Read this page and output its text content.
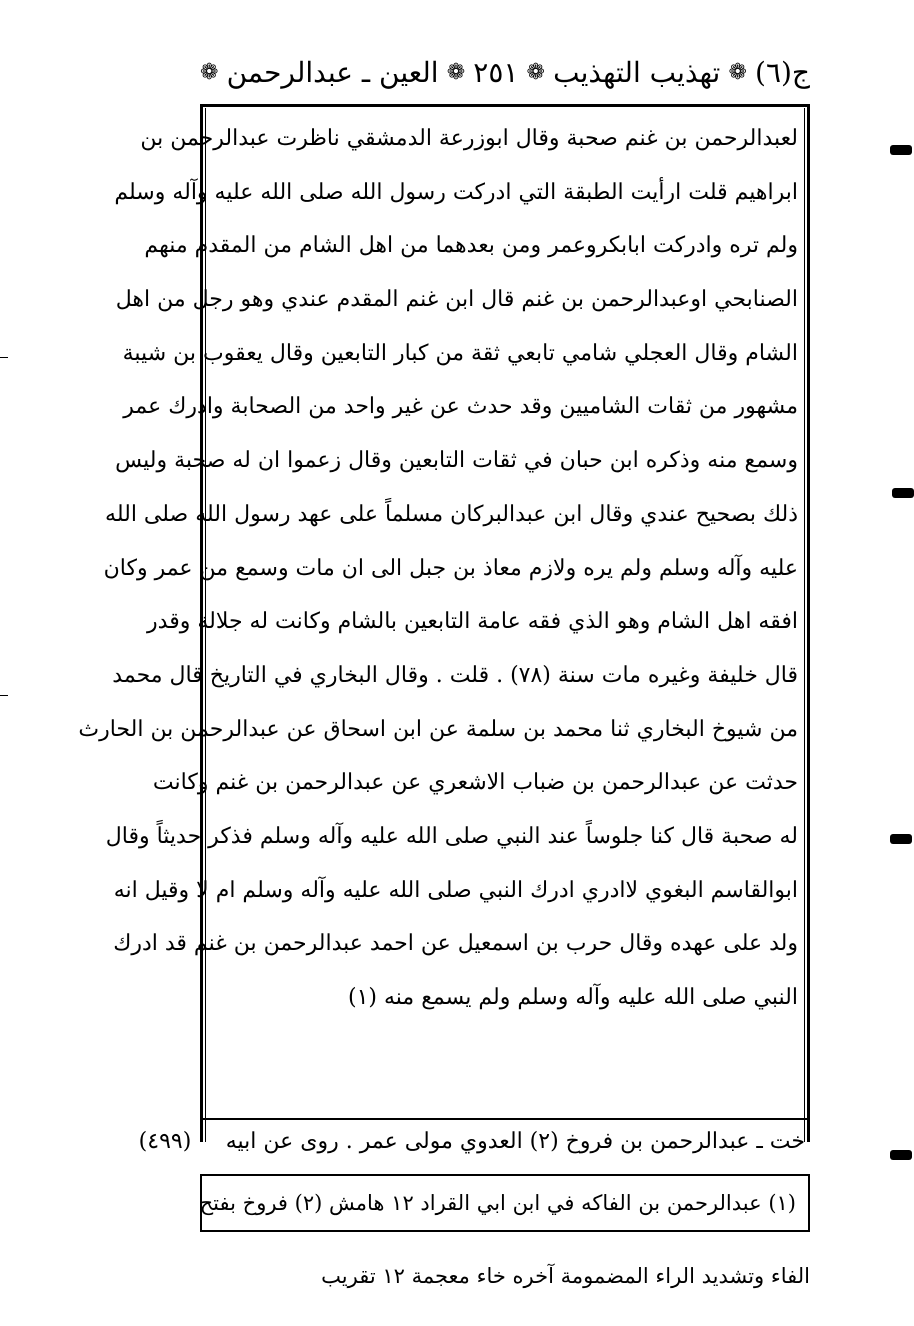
ج(٦)
❁
تهذيب التهذيب
❁
٢٥١
❁
العين ـ عبدالرحمن
❁
لعبدالرحمن بن غنم صحبة وقال ابوزرعة الدمشقي ناظرت عبدالرحمن بن
ابراهيم قلت ارأيت الطبقة التي ادركت رسول الله صلى الله عليه وآله وسلم
ولم تره وادركت ابابكروعمر ومن بعدهما من اهل الشام من المقدم منهم
الصنابحي اوعبدالرحمن بن غنم قال ابن غنم المقدم عندي وهو رجل من اهل
الشام وقال العجلي شامي تابعي ثقة من كبار التابعين وقال يعقوب بن شيبة
مشهور من ثقات الشاميين وقد حدث عن غير واحد من الصحابة وادرك عمر
وسمع منه وذكره ابن حبان في ثقات التابعين وقال زعموا ان له صحبة وليس
ذلك بصحيح عندي وقال ابن عبدالبركان مسلماً على عهد رسول الله صلى الله
عليه وآله وسلم ولم يره ولازم معاذ بن جبل الى ان مات وسمع من عمر وكان
افقه اهل الشام وهو الذي فقه عامة التابعين بالشام وكانت له جلالة وقدر
قال خليفة وغيره مات سنة (٧٨) . قلت . وقال البخاري في التاريخ قال محمد
من شيوخ البخاري ثنا محمد بن سلمة عن ابن اسحاق عن عبدالرحمن بن الحارث
حدثت عن عبدالرحمن بن ضباب الاشعري عن عبدالرحمن بن غنم وكانت
له صحبة قال كنا جلوساً عند النبي صلى الله عليه وآله وسلم فذكر حديثاً وقال
ابوالقاسم البغوي لاادري ادرك النبي صلى الله عليه وآله وسلم ام لا وقيل انه
ولد على عهده وقال حرب بن اسمعيل عن احمد عبدالرحمن بن غنم قد ادرك
النبي صلى الله عليه وآله وسلم ولم يسمع منه (١)
خت ـ عبدالرحمن بن فروخ (٢) العدوي مولى عمر . روى عن ابيه
(٤٩٩)
(١) عبدالرحمن بن الفاكه في ابن ابي القراد ١٢ هامش (٢) فروخ بفتح
الفاء وتشديد الراء المضمومة آخره خاء معجمة ١٢ تقريب
